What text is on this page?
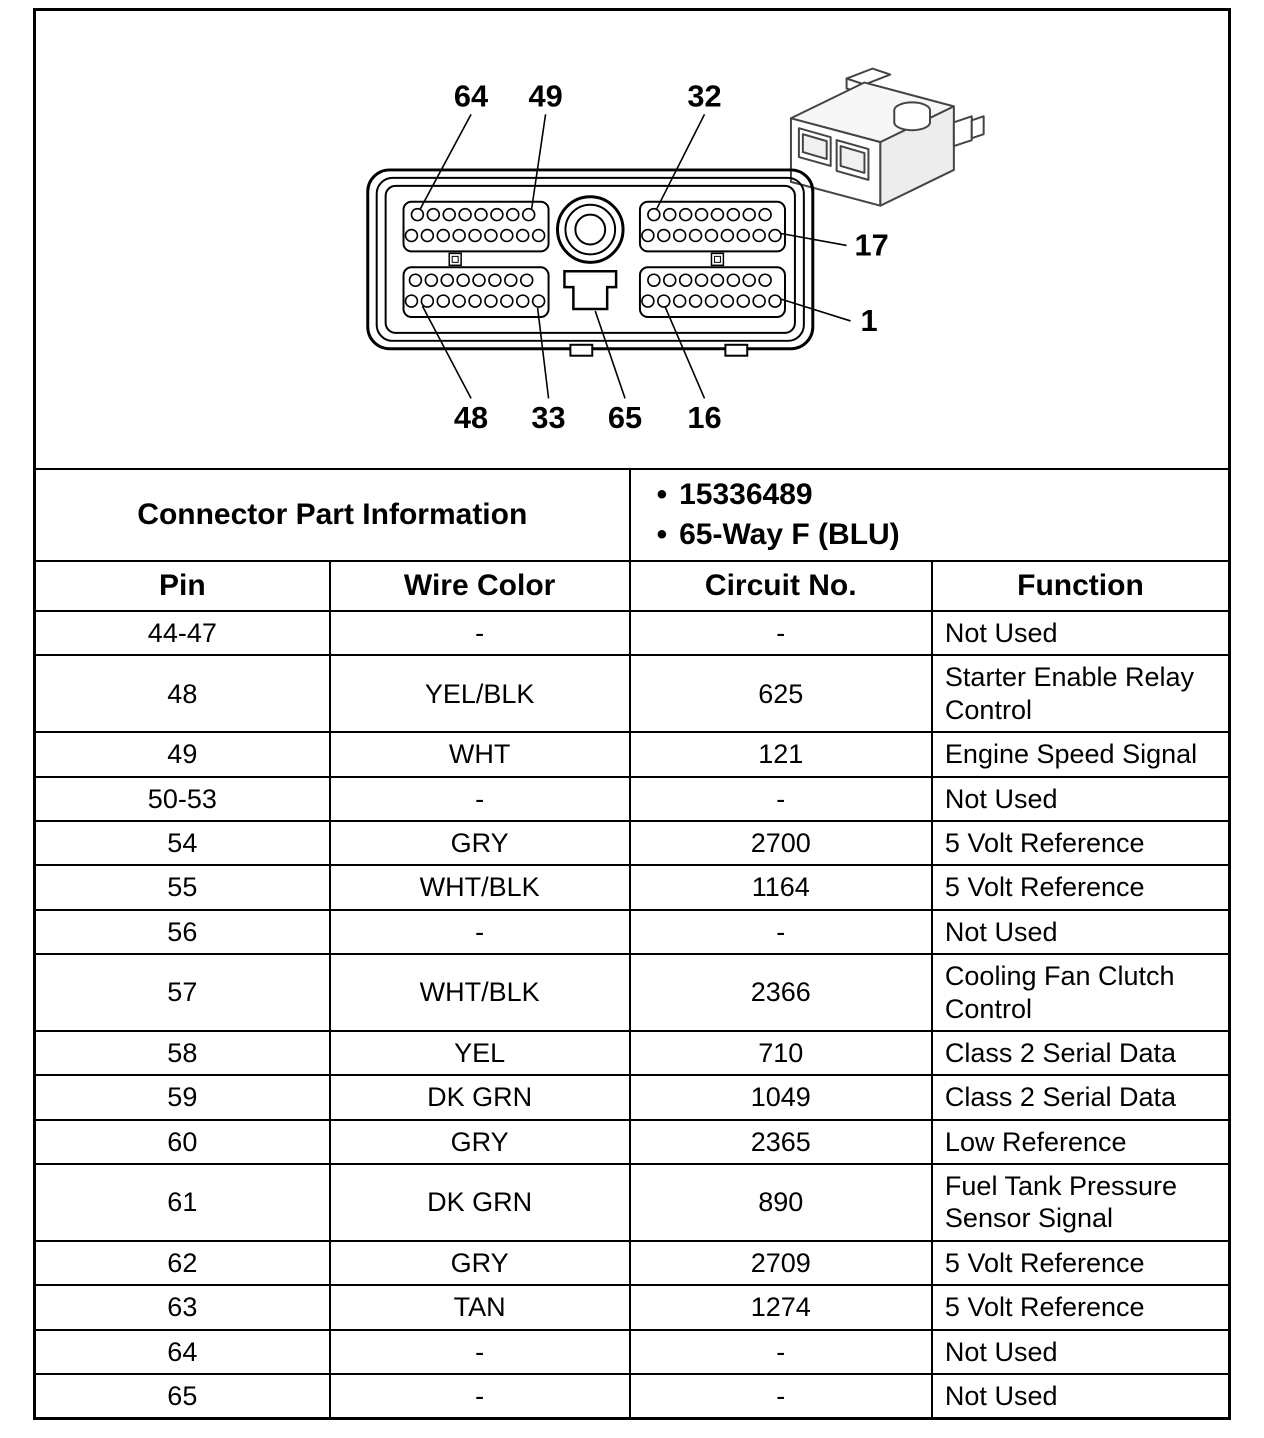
64 49	32
17
1
48 33 65 16

Connector Part Information		• 15336489
• 65-Way F (BLU)	

Pin	Wire Color	Circuit No.	Function
44-47	-	-	Not Used
48	YEL/BLK	625	Starter Enable Relay Control
49	WHT	121	Engine Speed Signal
50-53	-	-	Not Used
54	GRY	2700	5 Volt Reference
55	WHT/BLK	1164	5 Volt Reference
56	-	-	Not Used
57	WHT/BLK	2366	Cooling Fan Clutch Control
58	YEL	710	Class 2 Serial Data
59	DK GRN	1049	Class 2 Serial Data
60	GRY	2365	Low Reference
61	DK GRN	890	Fuel Tank Pressure Sensor Signal
62	GRY	2709	5 Volt Reference
63	TAN	1274	5 Volt Reference
64	-	-	Not Used
65	-	-	Not Used
